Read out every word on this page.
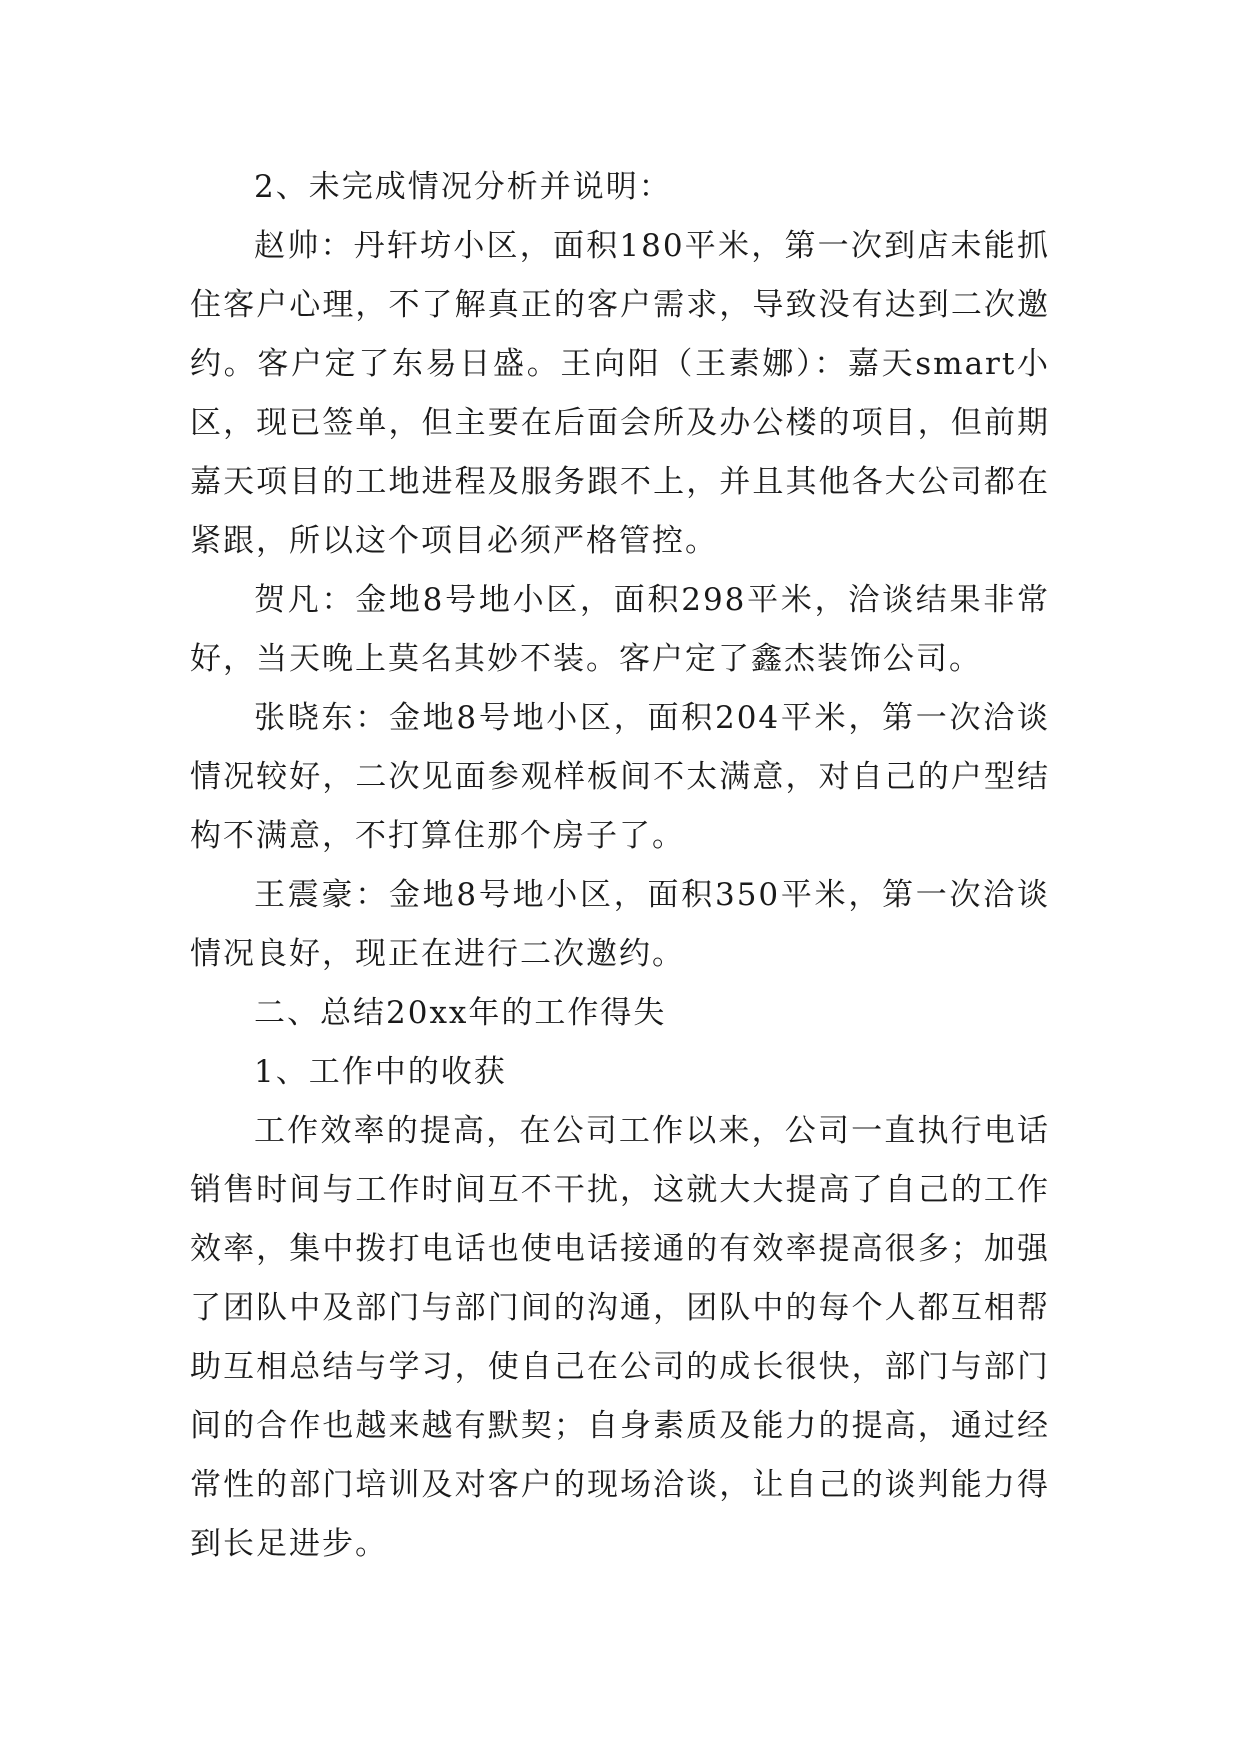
2、未完成情况分析并说明：

赵帅：丹轩坊小区，面积180平米，第一次到店未能抓住客户心理，不了解真正的客户需求，导致没有达到二次邀约。客户定了东易日盛。王向阳（王素娜）：嘉天smart小区，现已签单，但主要在后面会所及办公楼的项目，但前期嘉天项目的工地进程及服务跟不上，并且其他各大公司都在紧跟，所以这个项目必须严格管控。

贺凡：金地8号地小区，面积298平米，洽谈结果非常好，当天晚上莫名其妙不装。客户定了鑫杰装饰公司。

张晓东：金地8号地小区，面积204平米，第一次洽谈情况较好，二次见面参观样板间不太满意，对自己的户型结构不满意，不打算住那个房子了。

王震豪：金地8号地小区，面积350平米，第一次洽谈情况良好，现正在进行二次邀约。

二、总结20xx年的工作得失

1、工作中的收获

工作效率的提高，在公司工作以来，公司一直执行电话销售时间与工作时间互不干扰，这就大大提高了自己的工作效率，集中拨打电话也使电话接通的有效率提高很多；加强了团队中及部门与部门间的沟通，团队中的每个人都互相帮助互相总结与学习，使自己在公司的成长很快，部门与部门间的合作也越来越有默契；自身素质及能力的提高，通过经常性的部门培训及对客户的现场洽谈，让自己的谈判能力得到长足进步。
